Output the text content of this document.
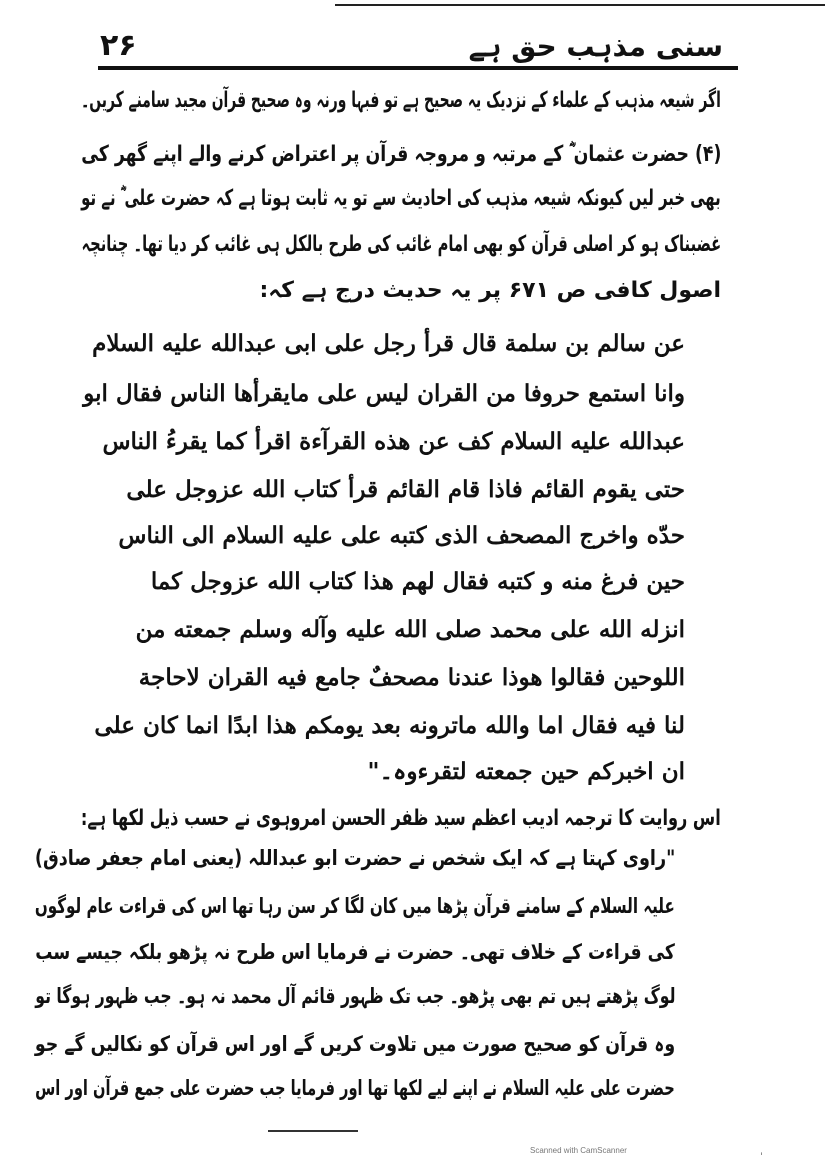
۲۶	سنی مذہب حق ہے
اگر شیعہ مذہب کے علماء کے نزدیک یہ صحیح ہے تو فبہا ورنہ وہ صحیح قرآن مجید سامنے کریں۔
(۴) حضرت عثمان ؓ کے مرتبہ و مروجہ قرآن پر اعتراض کرنے والے اپنے گھر کی
بھی خبر لیں کیونکہ شیعہ مذہب کی احادیث سے تو یہ ثابت ہوتا ہے کہ حضرت علی ؓ نے تو
غضبناک ہو کر اصلی قرآن کو بھی امام غائب کی طرح بالکل ہی غائب کر دیا تھا۔ چنانچہ
اصول کافی ص ۶۷۱ پر یہ حدیث درج ہے کہ:
عن سالم بن سلمة قال قرأ رجل على ابى عبدالله عليه السلام
وانا استمع حروفا من القران ليس على مايقرأها الناس فقال ابو
عبدالله عليه السلام كف عن هذه القرآءة اقرأ كما يقرءُ الناس
حتى يقوم القائم فاذا قام القائم قرأ كتاب الله عزوجل على
حدّه واخرج المصحف الذى كتبه على عليه السلام الى الناس
حين فرغ منه و كتبه فقال لهم هذا كتاب الله عزوجل كما
انزله الله على محمد صلى الله عليه وآله وسلم جمعته من
اللوحين فقالوا هوذا عندنا مصحفٌ جامع فيه القران لاحاجة
لنا فيه فقال اما والله ماترونه بعد يومكم هذا ابدًا انما كان على
ان اخبركم حين جمعته لتقرءوہ۔"
اس روایت کا ترجمہ ادیب اعظم سید ظفر الحسن امروہوی نے حسب ذیل لکھا ہے:
"راوی کہتا ہے کہ ایک شخص نے حضرت ابو عبداللہ (یعنی امام جعفر صادق)
علیہ السلام کے سامنے قرآن پڑھا میں کان لگا کر سن رہا تھا اس کی قراءت عام لوگوں
کی قراءت کے خلاف تھی۔ حضرت نے فرمایا اس طرح نہ پڑھو بلکہ جیسے سب
لوگ پڑھتے ہیں تم بھی پڑھو۔ جب تک ظہور قائم آل محمد نہ ہو۔ جب ظہور ہوگا تو
وہ قرآن کو صحیح صورت میں تلاوت کریں گے اور اس قرآن کو نکالیں گے جو
حضرت علی علیہ السلام نے اپنے لیے لکھا تھا اور فرمایا جب حضرت علی جمع قرآن اور اس
Scanned with CamScanner
ˈ
